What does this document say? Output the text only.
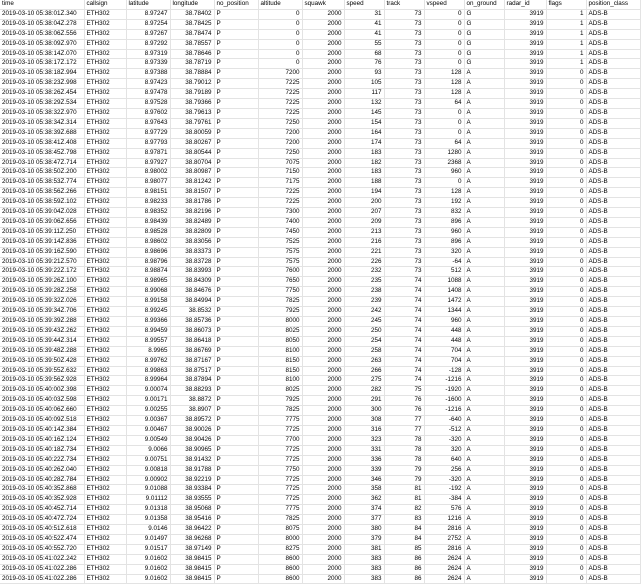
time	callsign	latitude	longitude	no_position	altitude	squawk	speed	track	vspeed	on_ground	radar_id	flags	position_class
2019-03-10 05:38:01Z.340	ETH302	8.97247	38.78402	P	0	2000	31	73	0	G	3919	1	ADS-B
2019-03-10 05:38:04Z.278	ETH302	8.97254	38.78425	P	0	2000	41	73	0	G	3919	1	ADS-B
2019-03-10 05:38:06Z.556	ETH302	8.97267	38.78474	P	0	2000	41	73	0	G	3919	1	ADS-B
2019-03-10 05:38:09Z.970	ETH302	8.97292	38.78557	P	0	2000	55	73	0	G	3919	1	ADS-B
2019-03-10 05:38:14Z.070	ETH302	8.97319	38.78646	P	0	2000	68	73	0	G	3919	1	ADS-B
2019-03-10 05:38:17Z.172	ETH302	8.97339	38.78719	P	0	2000	76	73	0	G	3919	1	ADS-B
2019-03-10 05:38:18Z.994	ETH302	8.97388	38.78884	P	7200	2000	93	73	128	A	3919	0	ADS-B
2019-03-10 05:38:23Z.998	ETH302	8.97423	38.79012	P	7225	2000	105	73	128	A	3919	0	ADS-B
2019-03-10 05:38:26Z.454	ETH302	8.97478	38.79189	P	7225	2000	117	73	128	A	3919	0	ADS-B
2019-03-10 05:38:29Z.534	ETH302	8.97528	38.79366	P	7225	2000	132	73	64	A	3919	0	ADS-B
2019-03-10 05:38:32Z.970	ETH302	8.97602	38.79613	P	7225	2000	145	73	0	A	3919	0	ADS-B
2019-03-10 05:38:34Z.314	ETH302	8.97643	38.79761	P	7250	2000	154	73	0	A	3919	0	ADS-B
2019-03-10 05:38:39Z.688	ETH302	8.97729	38.80059	P	7200	2000	164	73	0	A	3919	0	ADS-B
2019-03-10 05:38:41Z.408	ETH302	8.97793	38.80267	P	7200	2000	174	73	64	A	3919	0	ADS-B
2019-03-10 05:38:45Z.798	ETH302	8.97871	38.80544	P	7250	2000	183	73	1280	A	3919	0	ADS-B
2019-03-10 05:38:47Z.714	ETH302	8.97927	38.80704	P	7075	2000	182	73	2368	A	3919	0	ADS-B
2019-03-10 05:38:50Z.200	ETH302	8.98002	38.80987	P	7150	2000	183	73	960	A	3919	0	ADS-B
2019-03-10 05:38:53Z.774	ETH302	8.98077	38.81242	P	7175	2000	188	73	0	A	3919	0	ADS-B
2019-03-10 05:38:56Z.266	ETH302	8.98151	38.81507	P	7225	2000	194	73	128	A	3919	0	ADS-B
2019-03-10 05:38:59Z.102	ETH302	8.98233	38.81786	P	7225	2000	200	73	192	A	3919	0	ADS-B
2019-03-10 05:39:04Z.028	ETH302	8.98352	38.82196	P	7300	2000	207	73	832	A	3919	0	ADS-B
2019-03-10 05:39:06Z.656	ETH302	8.98439	38.82489	P	7400	2000	209	73	896	A	3919	0	ADS-B
2019-03-10 05:39:11Z.250	ETH302	8.98528	38.82809	P	7450	2000	213	73	960	A	3919	0	ADS-B
2019-03-10 05:39:14Z.836	ETH302	8.98602	38.83056	P	7525	2000	216	73	896	A	3919	0	ADS-B
2019-03-10 05:39:16Z.590	ETH302	8.98696	38.83373	P	7575	2000	221	73	320	A	3919	0	ADS-B
2019-03-10 05:39:21Z.570	ETH302	8.98796	38.83728	P	7575	2000	226	73	-64	A	3919	0	ADS-B
2019-03-10 05:39:22Z.172	ETH302	8.98874	38.83993	P	7600	2000	232	73	512	A	3919	0	ADS-B
2019-03-10 05:39:26Z.100	ETH302	8.98965	38.84309	P	7650	2000	235	74	1088	A	3919	0	ADS-B
2019-03-10 05:39:28Z.258	ETH302	8.99068	38.84676	P	7750	2000	238	74	1408	A	3919	0	ADS-B
2019-03-10 05:39:32Z.026	ETH302	8.99158	38.84994	P	7825	2000	239	74	1472	A	3919	0	ADS-B
2019-03-10 05:39:34Z.706	ETH302	8.99245	38.8532	P	7925	2000	242	74	1344	A	3919	0	ADS-B
2019-03-10 05:39:39Z.288	ETH302	8.99366	38.85736	P	8000	2000	245	74	960	A	3919	0	ADS-B
2019-03-10 05:39:43Z.262	ETH302	8.99459	38.86073	P	8025	2000	250	74	448	A	3919	0	ADS-B
2019-03-10 05:39:44Z.314	ETH302	8.99557	38.86418	P	8050	2000	254	74	448	A	3919	0	ADS-B
2019-03-10 05:39:48Z.288	ETH302	8.9965	38.86769	P	8100	2000	258	74	704	A	3919	0	ADS-B
2019-03-10 05:39:50Z.428	ETH302	8.99762	38.87167	P	8150	2000	263	74	704	A	3919	0	ADS-B
2019-03-10 05:39:55Z.632	ETH302	8.99863	38.87517	P	8150	2000	266	74	-128	A	3919	0	ADS-B
2019-03-10 05:39:56Z.928	ETH302	8.99964	38.87894	P	8100	2000	275	74	-1216	A	3919	0	ADS-B
2019-03-10 05:40:00Z.398	ETH302	9.00074	38.88293	P	8025	2000	282	75	-1920	A	3919	0	ADS-B
2019-03-10 05:40:03Z.598	ETH302	9.00171	38.8872	P	7925	2000	291	76	-1600	A	3919	0	ADS-B
2019-03-10 05:40:06Z.660	ETH302	9.00255	38.8907	P	7825	2000	300	76	-1216	A	3919	0	ADS-B
2019-03-10 05:40:09Z.518	ETH302	9.00367	38.89572	P	7775	2000	308	77	-640	A	3919	0	ADS-B
2019-03-10 05:40:14Z.384	ETH302	9.00467	38.90026	P	7725	2000	316	77	-512	A	3919	0	ADS-B
2019-03-10 05:40:16Z.124	ETH302	9.00549	38.90426	P	7700	2000	323	78	-320	A	3919	0	ADS-B
2019-03-10 05:40:18Z.734	ETH302	9.0066	38.90965	P	7725	2000	331	78	320	A	3919	0	ADS-B
2019-03-10 05:40:22Z.734	ETH302	9.00751	38.91432	P	7725	2000	336	78	640	A	3919	0	ADS-B
2019-03-10 05:40:26Z.040	ETH302	9.00818	38.91788	P	7750	2000	339	79	256	A	3919	0	ADS-B
2019-03-10 05:40:28Z.784	ETH302	9.00902	38.92219	P	7725	2000	346	79	-320	A	3919	0	ADS-B
2019-03-10 05:40:35Z.868	ETH302	9.01088	38.93384	P	7725	2000	358	81	-192	A	3919	0	ADS-B
2019-03-10 05:40:35Z.928	ETH302	9.01112	38.93555	P	7725	2000	362	81	-384	A	3919	0	ADS-B
2019-03-10 05:40:45Z.714	ETH302	9.01318	38.95068	P	7775	2000	374	82	576	A	3919	0	ADS-B
2019-03-10 05:40:47Z.724	ETH302	9.01358	38.95416	P	7825	2000	377	83	1216	A	3919	0	ADS-B
2019-03-10 05:40:51Z.618	ETH302	9.0146	38.96422	P	8075	2000	380	84	2816	A	3919	0	ADS-B
2019-03-10 05:40:52Z.474	ETH302	9.01497	38.96268	P	8000	2000	379	84	2752	A	3919	0	ADS-B
2019-03-10 05:40:55Z.720	ETH302	9.01517	38.97149	P	8275	2000	381	85	2816	A	3919	0	ADS-B
2019-03-10 05:41:02Z.242	ETH302	9.01602	38.98415	P	8600	2000	383	86	2624	A	3919	0	ADS-B
2019-03-10 05:41:02Z.286	ETH302	9.01602	38.98415	P	8600	2000	383	86	2624	A	3919	0	ADS-B
2019-03-10 05:41:02Z.286	ETH302	9.01602	38.98415	P	8600	2000	383	86	2624	A	3919	0	ADS-B
